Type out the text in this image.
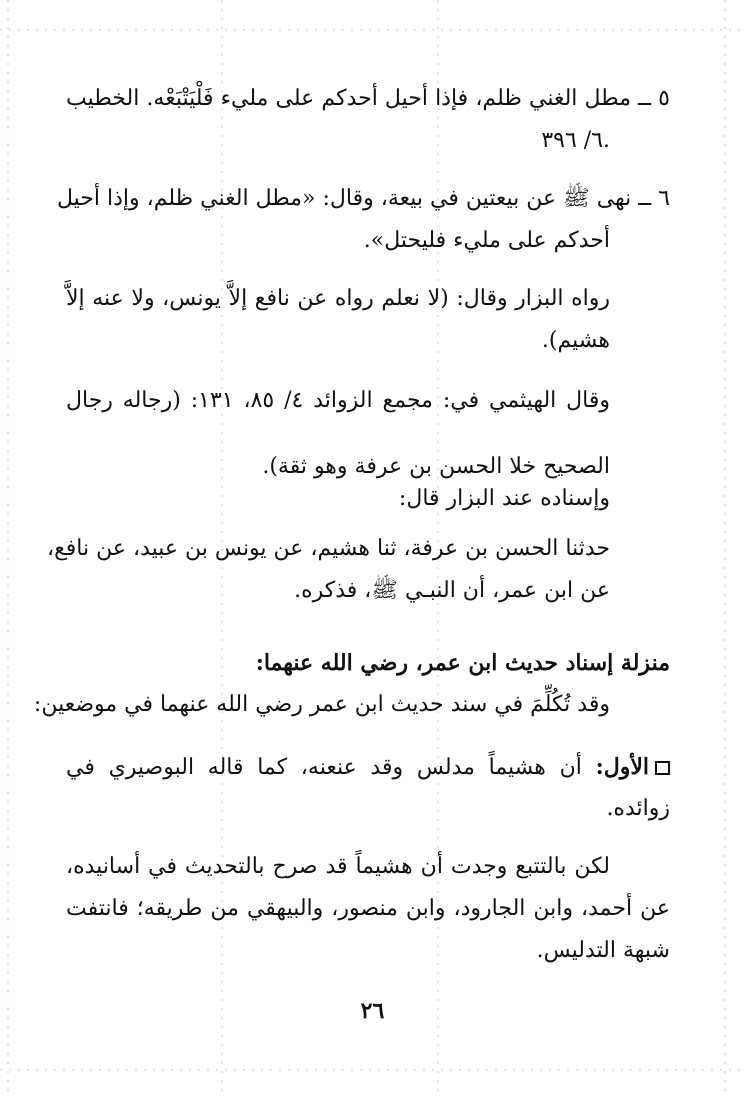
٥ ــ مطل الغني ظلم، فإذا أحيل أحدكم على مليء فَلْيَتْبَعْه. الخطيب
٦/ ٣٩٦.
٦ ــ نهى ﷺ عن بيعتين في بيعة، وقال: «مطل الغني ظلم، وإذا أحيل
أحدكم على مليء فليحتل».
رواه البزار وقال: (لا نعلم رواه عن نافع إلاَّ يونس، ولا عنه إلاَّ
هشيم).
وقال الهيثمي في: مجمع الزوائد ٤/ ٨٥، ١٣١: (رجاله رجال
الصحيح خلا الحسن بن عرفة وهو ثقة).
وإسناده عند البزار قال:
حدثنا الحسن بن عرفة، ثنا هشيم، عن يونس بن عبيد، عن نافع،
عن ابن عمر، أن النبـي ﷺ، فذكره.
منزلة إسناد حديث ابن عمر، رضي الله عنهما:
وقد تُكُلِّمَ في سند حديث ابن عمر رضي الله عنهما في موضعين:
الأول: أن هشيماً مدلس وقد عنعنه، كما قاله البوصيري في
زوائده.
لكن بالتتبع وجدت أن هشيماً قد صرح بالتحديث في أسانيده،
عن أحمد، وابن الجارود، وابن منصور، والبيهقي من طريقه؛ فانتفت
شبهة التدليس.
٢٦
